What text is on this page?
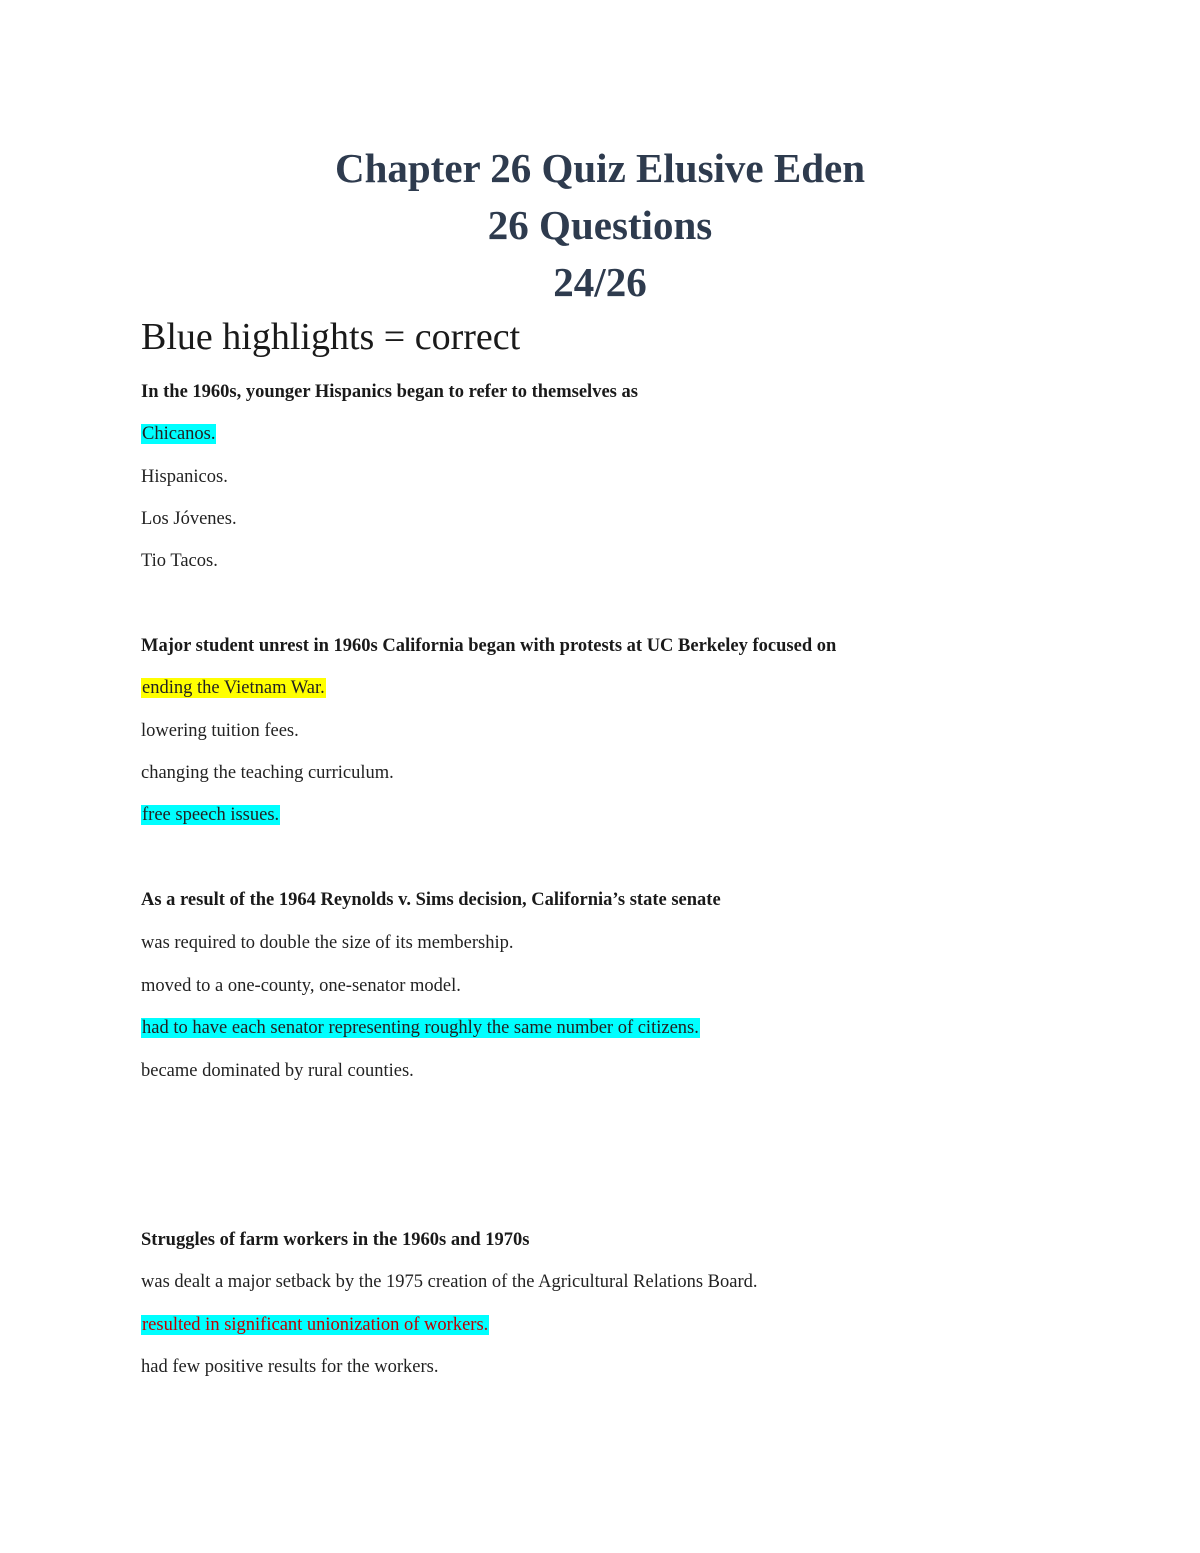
Chapter 26 Quiz Elusive Eden
26 Questions
24/26

Blue highlights = correct

In the 1960s, younger Hispanics began to refer to themselves as

Chicanos.

Hispanicos.

Los Jóvenes.

Tio Tacos.

Major student unrest in 1960s California began with protests at UC Berkeley focused on

ending the Vietnam War.

lowering tuition fees.

changing the teaching curriculum.

free speech issues.

As a result of the 1964 Reynolds v. Sims decision, California’s state senate

was required to double the size of its membership.

moved to a one-county, one-senator model.

had to have each senator representing roughly the same number of citizens.

became dominated by rural counties.

Struggles of farm workers in the 1960s and 1970s

was dealt a major setback by the 1975 creation of the Agricultural Relations Board.

resulted in significant unionization of workers.

had few positive results for the workers.
